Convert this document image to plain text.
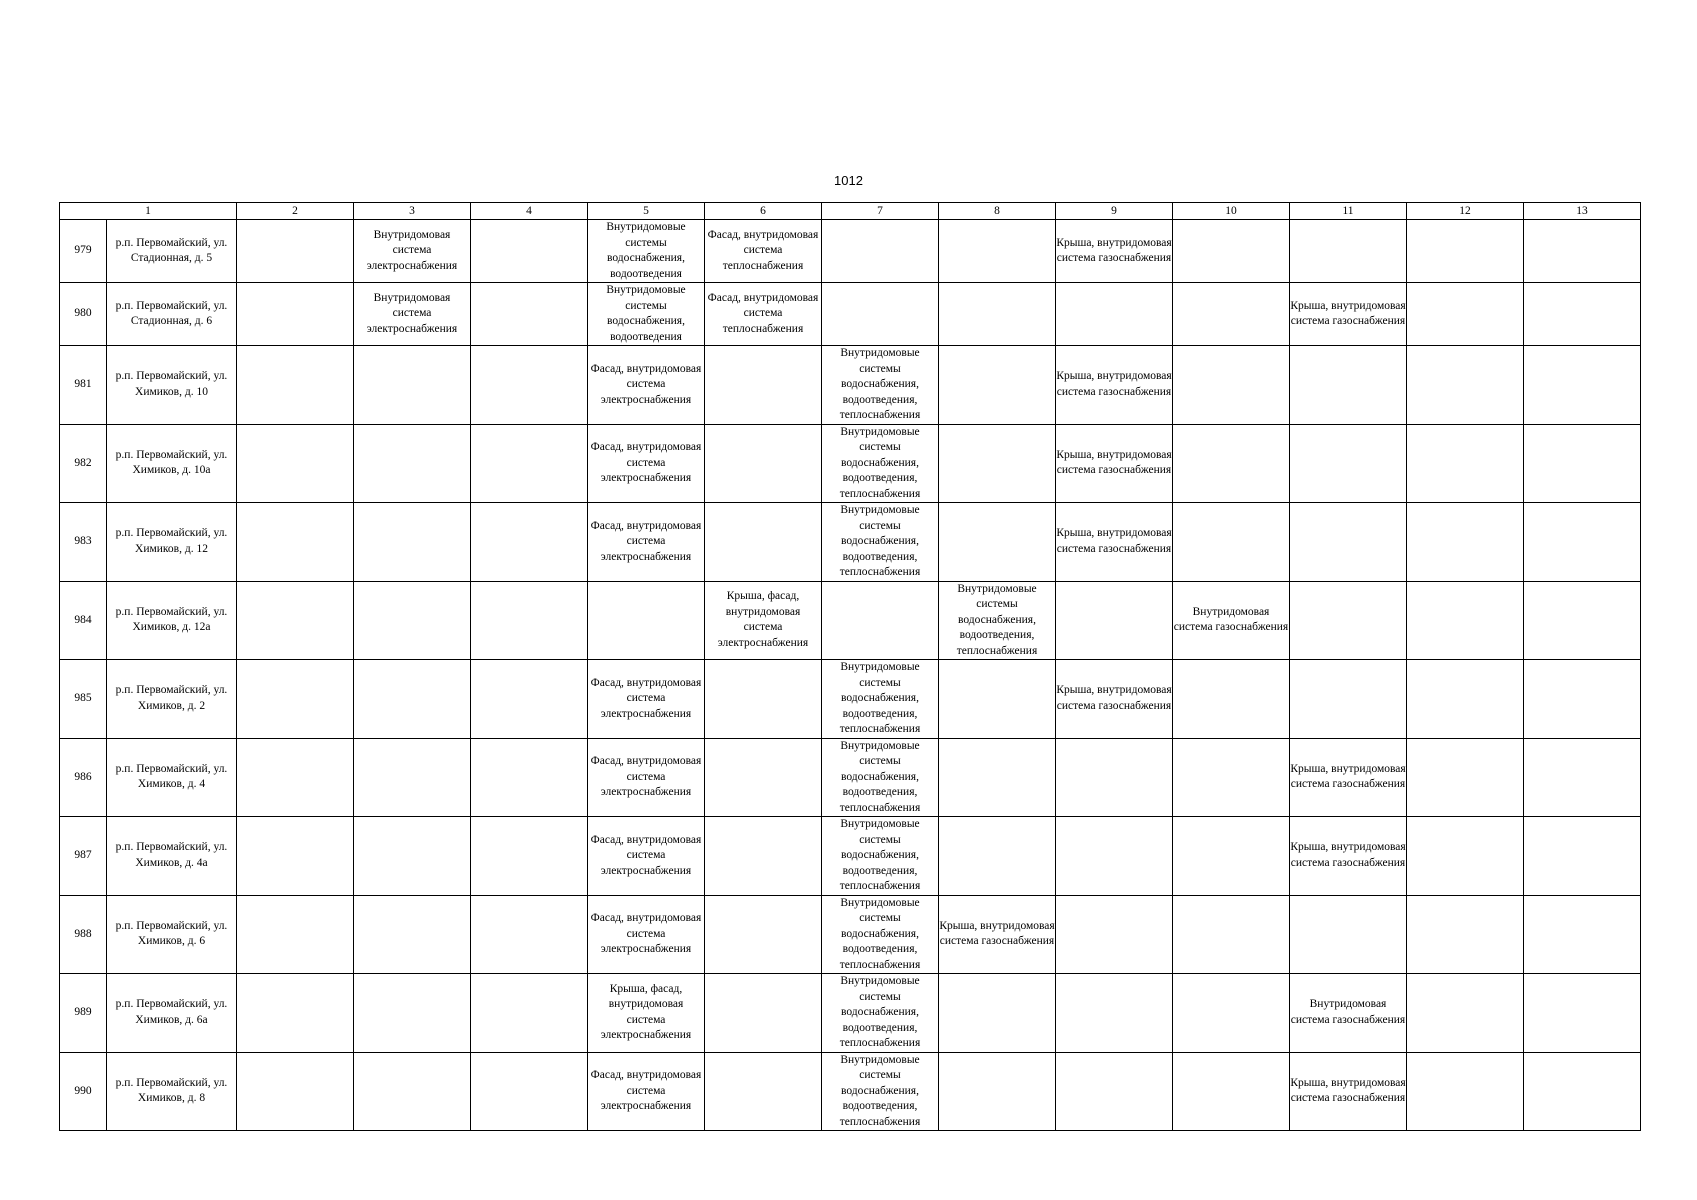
1012
1		2	3	4	5	6	7	8	9	10	11	12	13
979	р.п. Первомайский, ул. Стадионная, д. 5		Внутридомовая система электроснабжения		Внутридомовые системы водоснабжения, водоотведения	Фасад, внутридомовая система теплоснабжения			Крыша, внутридомовая система газоснабжения				
980	р.п. Первомайский, ул. Стадионная, д. 6		Внутридомовая система электроснабжения		Внутридомовые системы водоснабжения, водоотведения	Фасад, внутридомовая система теплоснабжения					Крыша, внутридомовая система газоснабжения		
981	р.п. Первомайский, ул. Химиков, д. 10				Фасад, внутридомовая система электроснабжения		Внутридомовые системы водоснабжения, водоотведения, теплоснабжения		Крыша, внутридомовая система газоснабжения				
982	р.п. Первомайский, ул. Химиков, д. 10а				Фасад, внутридомовая система электроснабжения		Внутридомовые системы водоснабжения, водоотведения, теплоснабжения		Крыша, внутридомовая система газоснабжения				
983	р.п. Первомайский, ул. Химиков, д. 12				Фасад, внутридомовая система электроснабжения		Внутридомовые системы водоснабжения, водоотведения, теплоснабжения		Крыша, внутридомовая система газоснабжения				
984	р.п. Первомайский, ул. Химиков, д. 12а					Крыша, фасад, внутридомовая система электроснабжения		Внутридомовые системы водоснабжения, водоотведения, теплоснабжения		Внутридомовая система газоснабжения			
985	р.п. Первомайский, ул. Химиков, д. 2				Фасад, внутридомовая система электроснабжения		Внутридомовые системы водоснабжения, водоотведения, теплоснабжения		Крыша, внутридомовая система газоснабжения				
986	р.п. Первомайский, ул. Химиков, д. 4				Фасад, внутридомовая система электроснабжения		Внутридомовые системы водоснабжения, водоотведения, теплоснабжения				Крыша, внутридомовая система газоснабжения		
987	р.п. Первомайский, ул. Химиков, д. 4а				Фасад, внутридомовая система электроснабжения		Внутридомовые системы водоснабжения, водоотведения, теплоснабжения				Крыша, внутридомовая система газоснабжения		
988	р.п. Первомайский, ул. Химиков, д. 6				Фасад, внутридомовая система электроснабжения		Внутридомовые системы водоснабжения, водоотведения, теплоснабжения	Крыша, внутридомовая система газоснабжения					
989	р.п. Первомайский, ул. Химиков, д. 6а				Крыша, фасад, внутридомовая система электроснабжения		Внутридомовые системы водоснабжения, водоотведения, теплоснабжения				Внутридомовая система газоснабжения		
990	р.п. Первомайский, ул. Химиков, д. 8				Фасад, внутридомовая система электроснабжения		Внутридомовые системы водоснабжения, водоотведения, теплоснабжения				Крыша, внутридомовая система газоснабжения		
